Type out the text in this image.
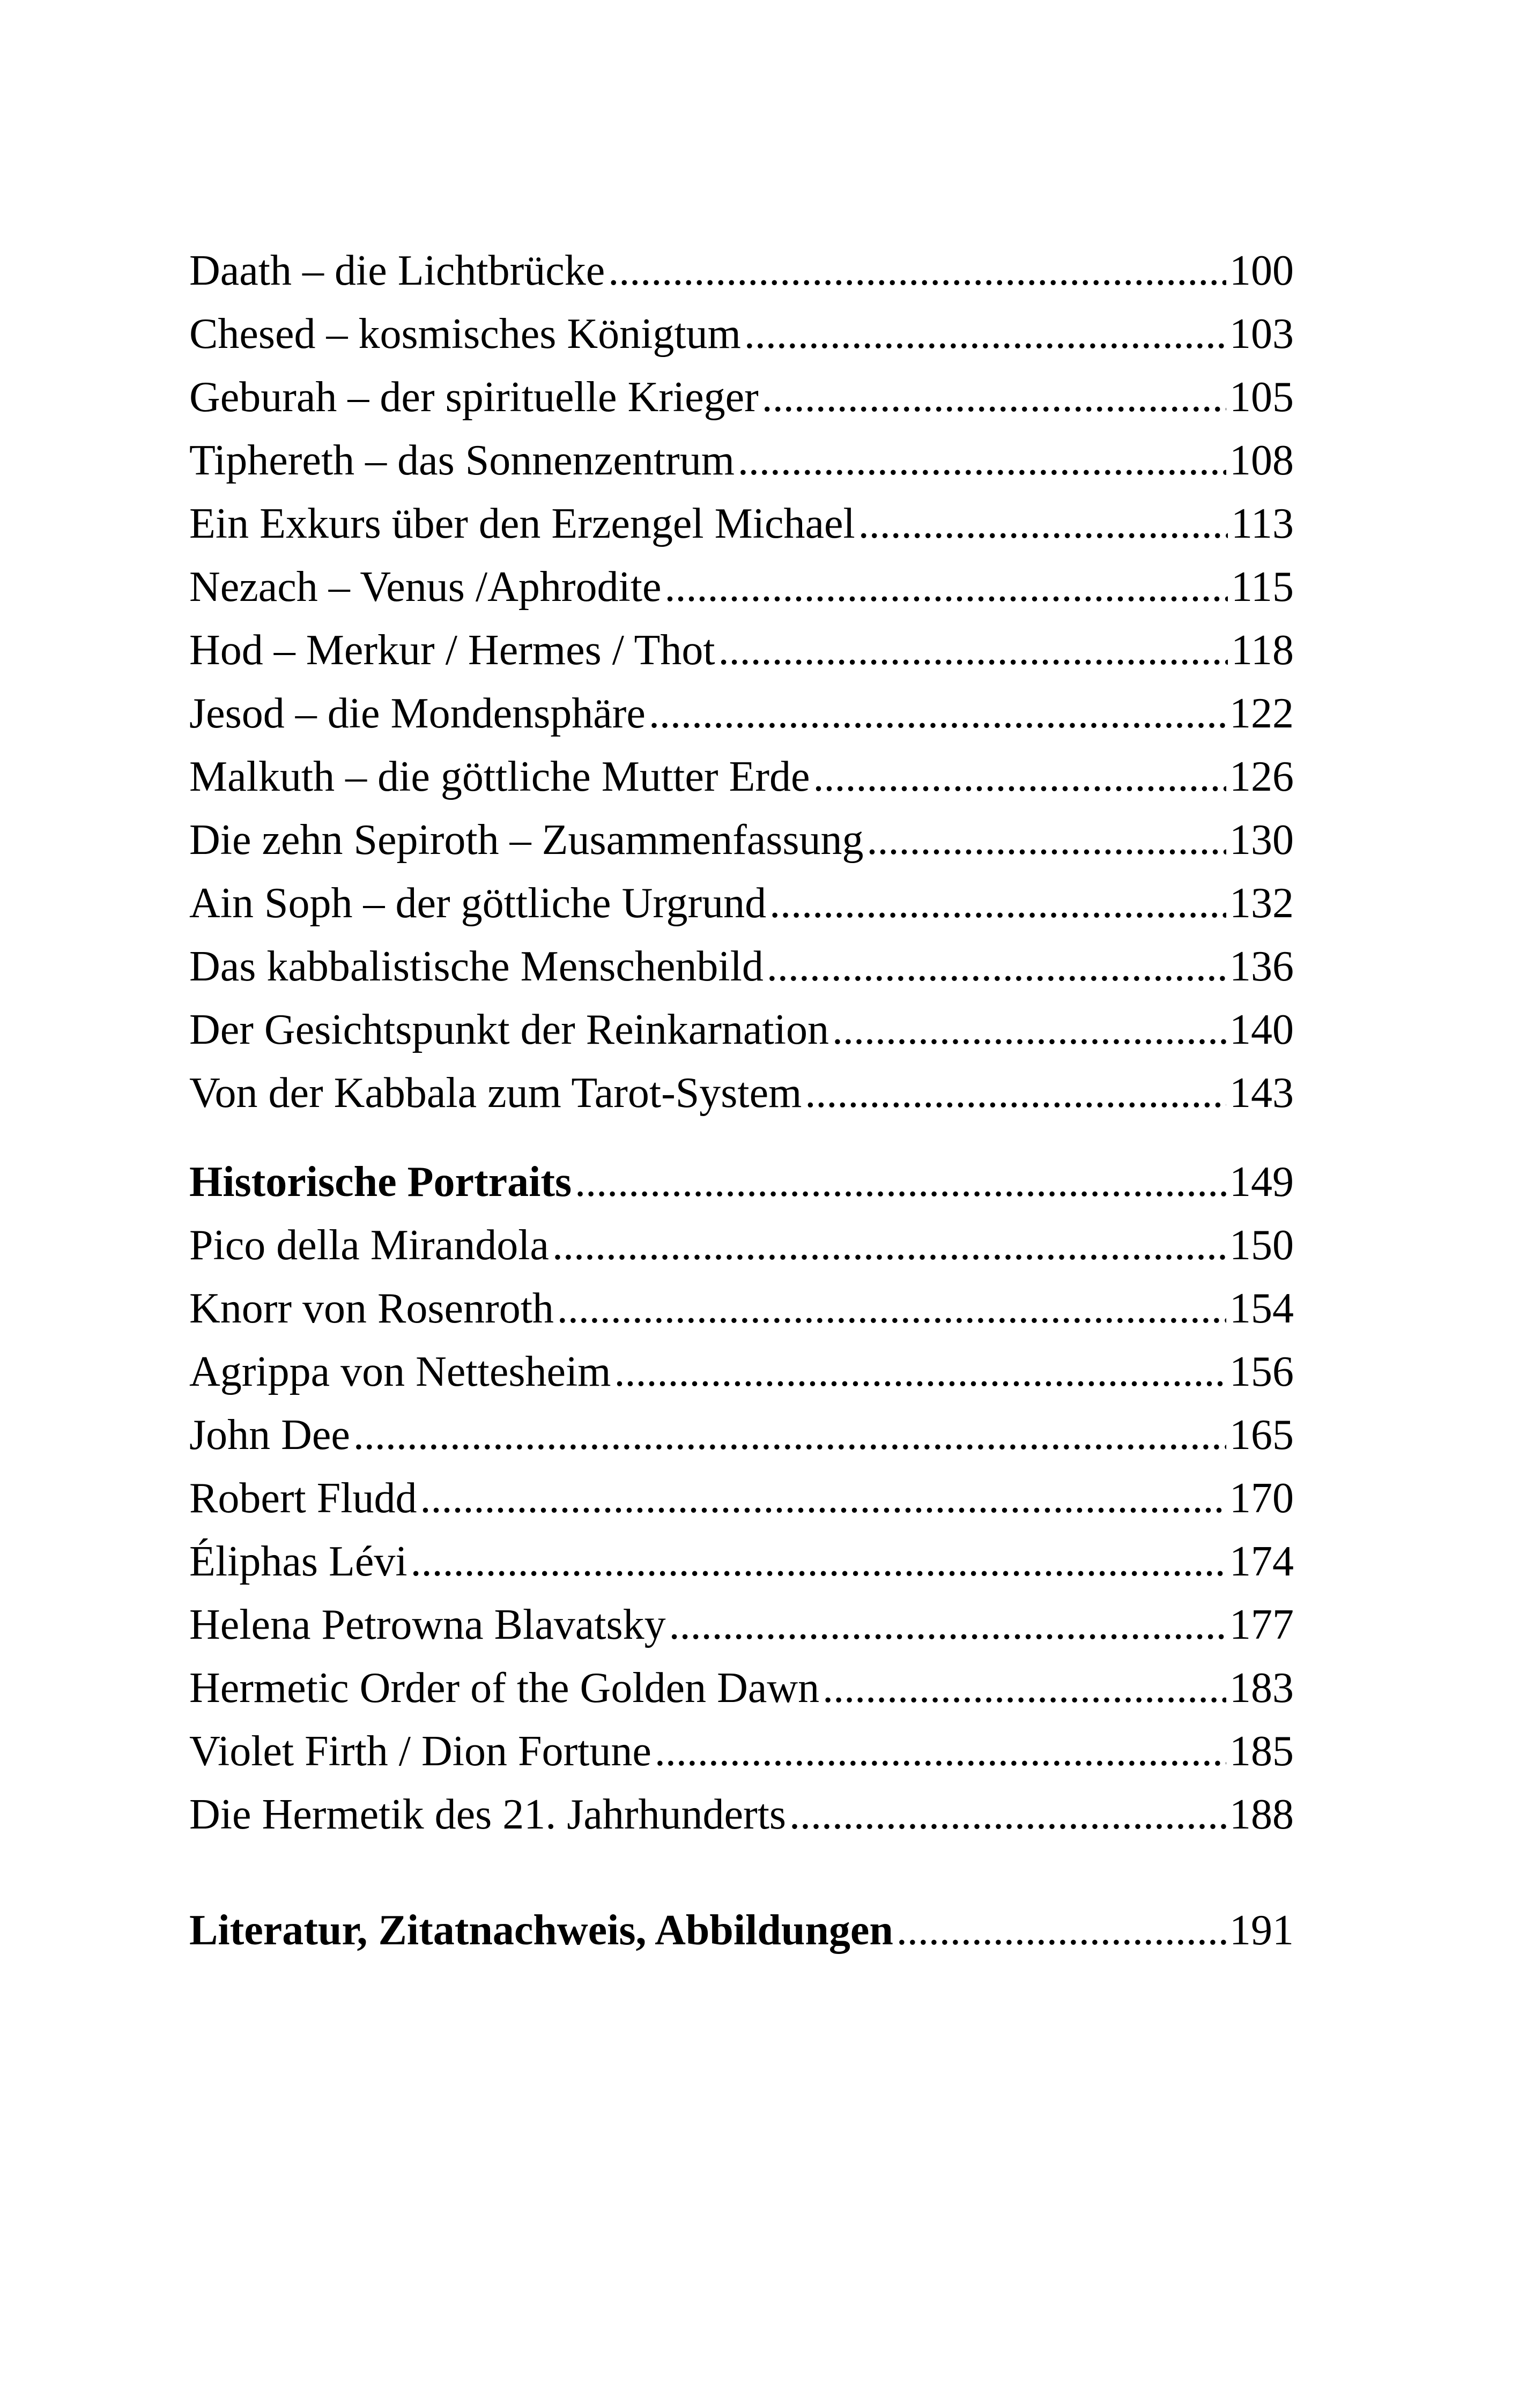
Daath – die Lichtbrücke .....	100
Chesed – kosmisches Königtum .....	103
Geburah – der spirituelle Krieger .....	105
Tiphereth – das Sonnenzentrum .....	108
Ein Exkurs über den Erzengel Michael .....	113
Nezach – Venus /Aphrodite .....	115
Hod – Merkur / Hermes / Thot .....	118
Jesod – die Mondensphäre .....	122
Malkuth – die göttliche Mutter Erde .....	126
Die zehn Sepiroth – Zusammenfassung .....	130
Ain Soph – der göttliche Urgrund .....	132
Das kabbalistische Menschenbild .....	136
Der Gesichtspunkt der Reinkarnation .....	140
Von der Kabbala zum Tarot-System .....	143
Historische Portraits .....	149
Pico della Mirandola .....	150
Knorr von Rosenroth .....	154
Agrippa von Nettesheim .....	156
John Dee .....	165
Robert Fludd .....	170
Éliphas Lévi .....	174
Helena Petrowna Blavatsky .....	177
Hermetic Order of the Golden Dawn .....	183
Violet Firth / Dion Fortune .....	185
Die Hermetik des 21. Jahrhunderts .....	188
Literatur, Zitatnachweis, Abbildungen .....	191
